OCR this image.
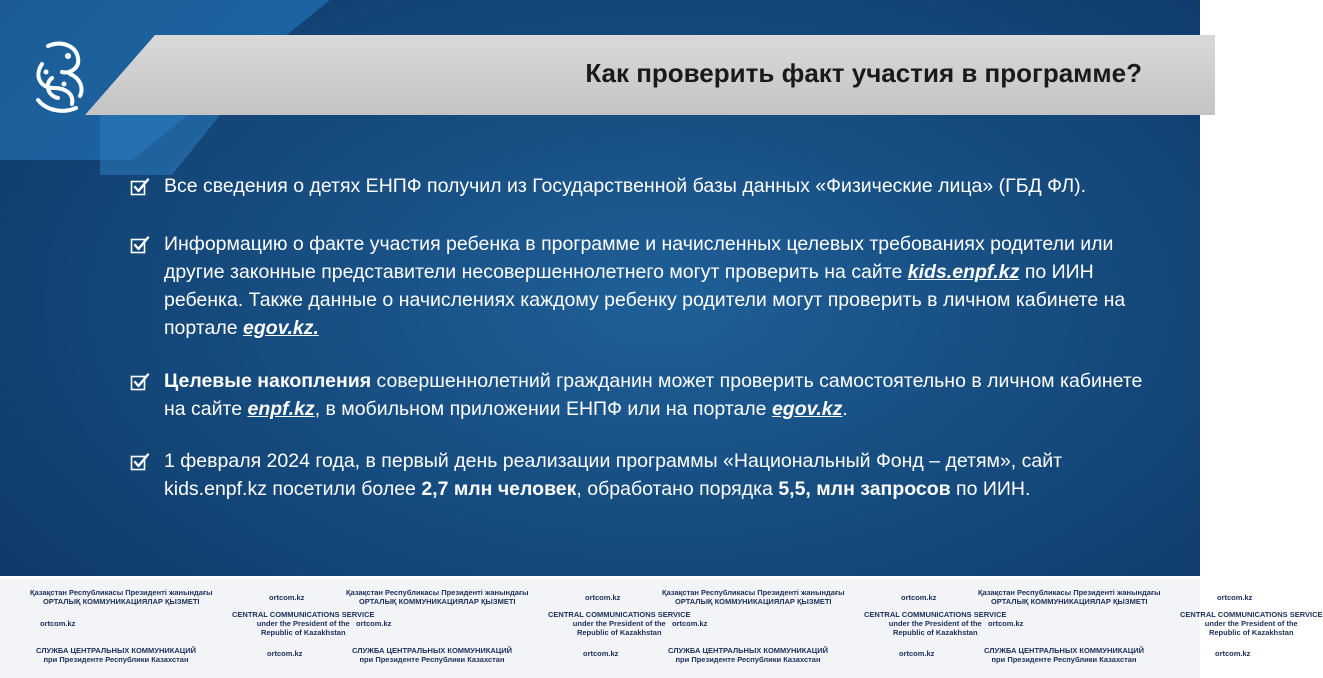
Как проверить факт участия в программе?

Все сведения о детях ЕНПФ получил из Государственной базы данных «Физические лица» (ГБД ФЛ).

Информацию о факте участия ребенка в программе и начисленных целевых требованиях родители или другие законные представители несовершеннолетнего могут проверить на сайте kids.enpf.kz по ИИН ребенка. Также данные о начислениях каждому ребенку родители могут проверить в личном кабинете на портале egov.kz.

Целевые накопления совершеннолетний гражданин может проверить самостоятельно в личном кабинете на сайте enpf.kz, в мобильном приложении ЕНПФ или на портале egov.kz.

1 февраля 2024 года, в первый день реализации программы «Национальный Фонд – детям», сайт kids.enpf.kz посетили более 2,7 млн человек, обработано порядка 5,5, млн запросов по ИИН.

Қазақстан Республикасы Президенті жанындағы
ОРТАЛЫҚ КОММУНИКАЦИЯЛАР ҚЫЗМЕТІ
CENTRAL COMMUNICATIONS SERVICE
under the President of the
Republic of Kazakhstan
СЛУЖБА ЦЕНТРАЛЬНЫХ КОММУНИКАЦИЙ
при Президенте Республики Казахстан
ortcom.kz
ortcom.kz
ortcom.kz
Қазақстан Республикасы Президенті жанындағы
ОРТАЛЫҚ КОММУНИКАЦИЯЛАР ҚЫЗМЕТІ
CENTRAL COMMUNICATIONS SERVICE
under the President of the
Republic of Kazakhstan
СЛУЖБА ЦЕНТРАЛЬНЫХ КОММУНИКАЦИЙ
при Президенте Республики Казахстан
ortcom.kz
ortcom.kz
ortcom.kz
Қазақстан Республикасы Президенті жанындағы
ОРТАЛЫҚ КОММУНИКАЦИЯЛАР ҚЫЗМЕТІ
CENTRAL COMMUNICATIONS SERVICE
under the President of the
Republic of Kazakhstan
СЛУЖБА ЦЕНТРАЛЬНЫХ КОММУНИКАЦИЙ
при Президенте Республики Казахстан
ortcom.kz
ortcom.kz
ortcom.kz
Қазақстан Республикасы Президенті жанындағы
ОРТАЛЫҚ КОММУНИКАЦИЯЛАР ҚЫЗМЕТІ
CENTRAL COMMUNICATIONS SERVICE
under the President of the
Republic of Kazakhstan
СЛУЖБА ЦЕНТРАЛЬНЫХ КОММУНИКАЦИЙ
при Президенте Республики Казахстан
ortcom.kz
ortcom.kz
ortcom.kz
